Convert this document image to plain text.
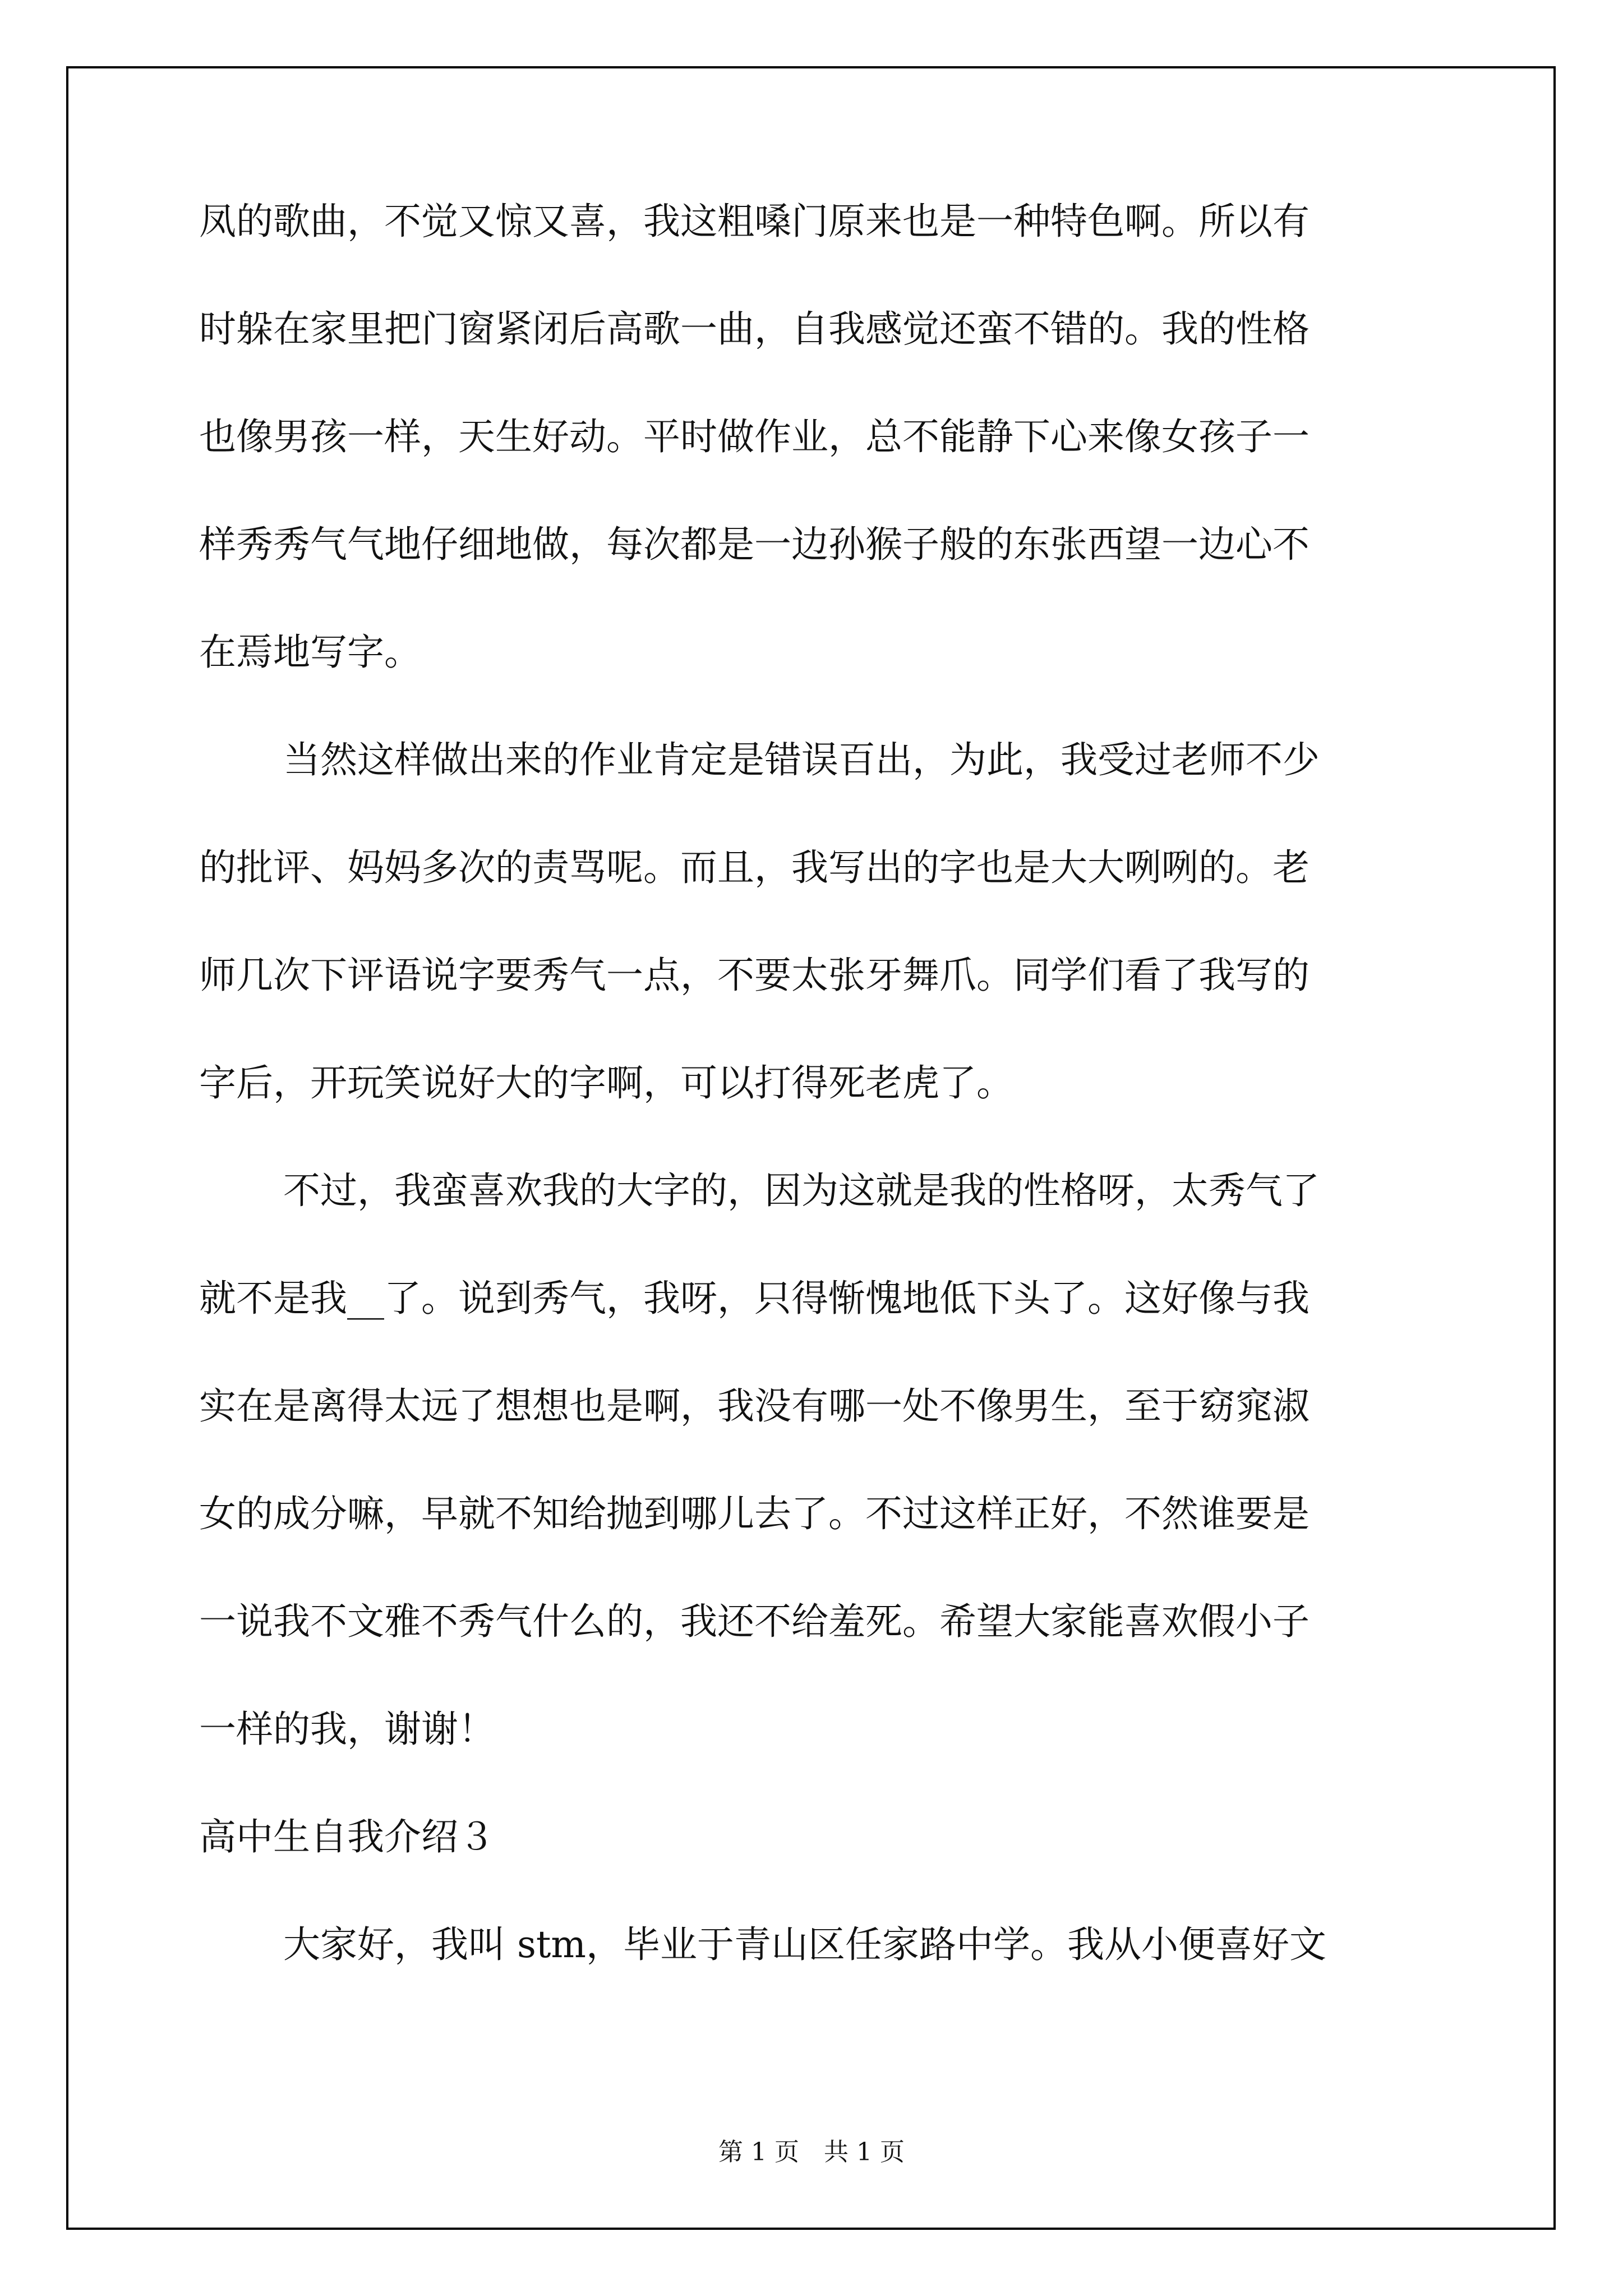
凤的歌曲，不觉又惊又喜，我这粗嗓门原来也是一种特色啊。所以有
时躲在家里把门窗紧闭后高歌一曲，自我感觉还蛮不错的。我的性格
也像男孩一样，天生好动。平时做作业，总不能静下心来像女孩子一
样秀秀气气地仔细地做，每次都是一边孙猴子般的东张西望一边心不
在焉地写字。
当然这样做出来的作业肯定是错误百出，为此，我受过老师不少
的批评、妈妈多次的责骂呢。而且，我写出的字也是大大咧咧的。老
师几次下评语说字要秀气一点，不要太张牙舞爪。同学们看了我写的
字后，开玩笑说好大的字啊，可以打得死老虎了。
不过，我蛮喜欢我的大字的，因为这就是我的性格呀，太秀气了
就不是我__了。说到秀气，我呀，只得惭愧地低下头了。这好像与我
实在是离得太远了想想也是啊，我没有哪一处不像男生，至于窈窕淑
女的成分嘛，早就不知给抛到哪儿去了。不过这样正好，不然谁要是
一说我不文雅不秀气什么的，我还不给羞死。希望大家能喜欢假小子
一样的我，谢谢！
高中生自我介绍３
大家好，我叫 stm，毕业于青山区任家路中学。我从小便喜好文
第 1 页　共 1 页
